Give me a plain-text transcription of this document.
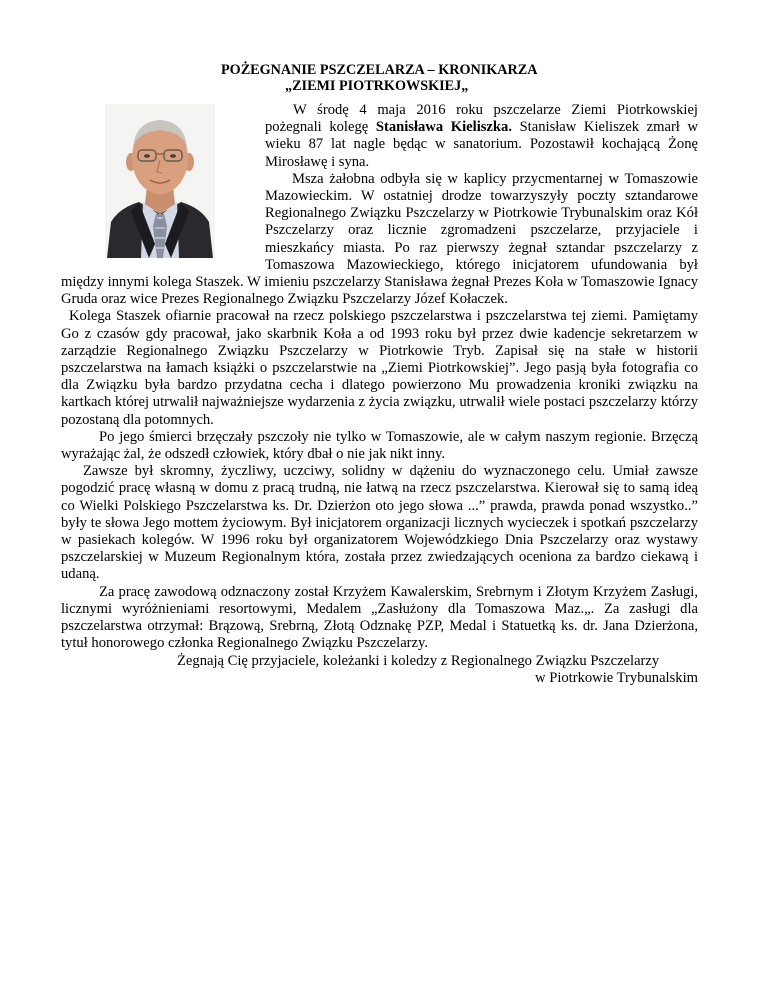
POŻEGNANIE PSZCZELARZA – KRONIKARZA
„ZIEMI PIOTRKOWSKIEJ„

W środę 4 maja 2016 roku pszczelarze Ziemi Piotrkowskiej pożegnali kolegę Stanisława Kieliszka. Stanisław Kieliszek zmarł w wieku 87 lat nagle będąc w sanatorium. Pozostawił kochającą Żonę Mirosławę i syna.

Msza żałobna odbyła się w kaplicy przycmentarnej w Tomaszowie Mazowieckim. W ostatniej drodze towarzyszyły poczty sztandarowe Regionalnego Związku Pszczelarzy w Piotrkowie Trybunalskim oraz Kół Pszczelarzy oraz licznie zgromadzeni pszczelarze, przyjaciele i mieszkańcy miasta. Po raz pierwszy żegnał sztandar pszczelarzy z Tomaszowa Mazowieckiego, którego inicjatorem ufundowania był między innymi kolega Staszek. W imieniu pszczelarzy Stanisława żegnał Prezes Koła w Tomaszowie Ignacy Gruda oraz wice Prezes Regionalnego Związku Pszczelarzy Józef Kołaczek.

Kolega Staszek ofiarnie pracował na rzecz polskiego pszczelarstwa i pszczelarstwa tej ziemi. Pamiętamy Go z czasów gdy pracował, jako skarbnik Koła a od 1993 roku był przez dwie kadencje sekretarzem w zarządzie Regionalnego Związku Pszczelarzy w Piotrkowie Tryb. Zapisał się na stałe w historii pszczelarstwa na łamach książki o pszczelarstwie na „Ziemi Piotrkowskiej”. Jego pasją była fotografia co dla Związku była bardzo przydatna cecha i dlatego powierzono Mu prowadzenia kroniki związku na kartkach której utrwalił najważniejsze wydarzenia z życia związku, utrwalił wiele postaci pszczelarzy którzy pozostaną dla potomnych.

Po jego śmierci brzęczały pszczoły nie tylko w Tomaszowie, ale w całym naszym regionie. Brzęczą wyrażając żal, że odszedł człowiek, który dbał o nie jak nikt inny.

Zawsze był skromny, życzliwy, uczciwy, solidny w dążeniu do wyznaczonego celu. Umiał zawsze pogodzić pracę własną w domu z pracą trudną, nie łatwą na rzecz pszczelarstwa. Kierował się to samą ideą co Wielki Polskiego Pszczelarstwa ks. Dr. Dzierżon oto jego słowa ...” prawda, prawda ponad wszystko..” były te słowa Jego mottem życiowym. Był inicjatorem organizacji licznych wycieczek i spotkań pszczelarzy w pasiekach kolegów. W 1996 roku był organizatorem Wojewódzkiego Dnia Pszczelarzy oraz wystawy pszczelarskiej w Muzeum Regionalnym która, została przez zwiedzających oceniona za bardzo ciekawą i udaną.

Za pracę zawodową odznaczony został Krzyżem Kawalerskim, Srebrnym i Złotym Krzyżem Zasługi, licznymi wyróżnieniami resortowymi, Medalem „Zasłużony dla Tomaszowa Maz.„. Za zasługi dla pszczelarstwa otrzymał: Brązową, Srebrną, Złotą Odznakę PZP, Medal i Statuetką ks. dr. Jana Dzierżona, tytuł honorowego członka Regionalnego Związku Pszczelarzy.

Żegnają Cię przyjaciele, koleżanki i koledzy z Regionalnego Związku Pszczelarzy
w Piotrkowie Trybunalskim
